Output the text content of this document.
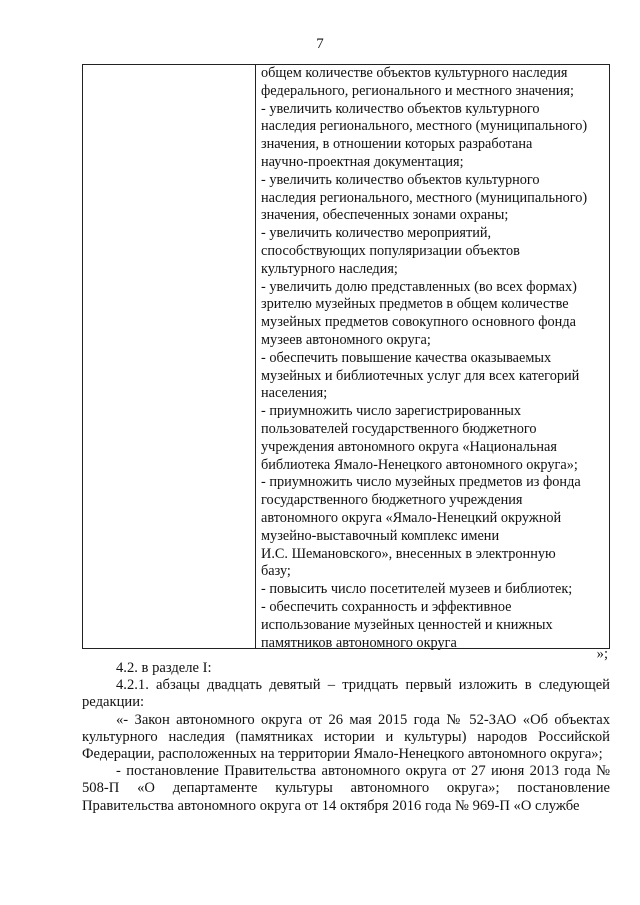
7
общем количестве объектов культурного наследия
федерального, регионального и местного значения;
- увеличить количество объектов культурного
наследия регионального, местного (муниципального)
значения, в отношении которых разработана
научно-проектная документация;
- увеличить количество объектов культурного
наследия регионального, местного (муниципального)
значения, обеспеченных зонами охраны;
- увеличить количество мероприятий,
способствующих популяризации объектов
культурного наследия;
- увеличить долю представленных (во всех формах)
зрителю музейных предметов в общем количестве
музейных предметов совокупного основного фонда
музеев автономного округа;
- обеспечить повышение качества оказываемых
музейных и библиотечных услуг для всех категорий
населения;
- приумножить число зарегистрированных
пользователей государственного бюджетного
учреждения автономного округа «Национальная
библиотека Ямало-Ненецкого автономного округа»;
- приумножить число музейных предметов из фонда
государственного бюджетного учреждения
автономного округа «Ямало-Ненецкий окружной
музейно-выставочный комплекс имени
И.С. Шемановского», внесенных в электронную
базу;
- повысить число посетителей музеев и библиотек;
- обеспечить сохранность и эффективное
использование музейных ценностей и книжных
памятников автономного округа
»;

4.2. в разделе I:

4.2.1. абзацы двадцать девятый – тридцать первый изложить в следующей редакции:

«- Закон автономного округа от 26 мая 2015 года № 52-ЗАО «Об объектах культурного наследия (памятниках истории и культуры) народов Российской Федерации, расположенных на территории Ямало-Ненецкого автономного округа»;

- постановление Правительства автономного округа от 27 июня 2013 года № 508-П «О департаменте культуры автономного округа»; постановление Правительства автономного округа от 14 октября 2016 года № 969-П «О службе
